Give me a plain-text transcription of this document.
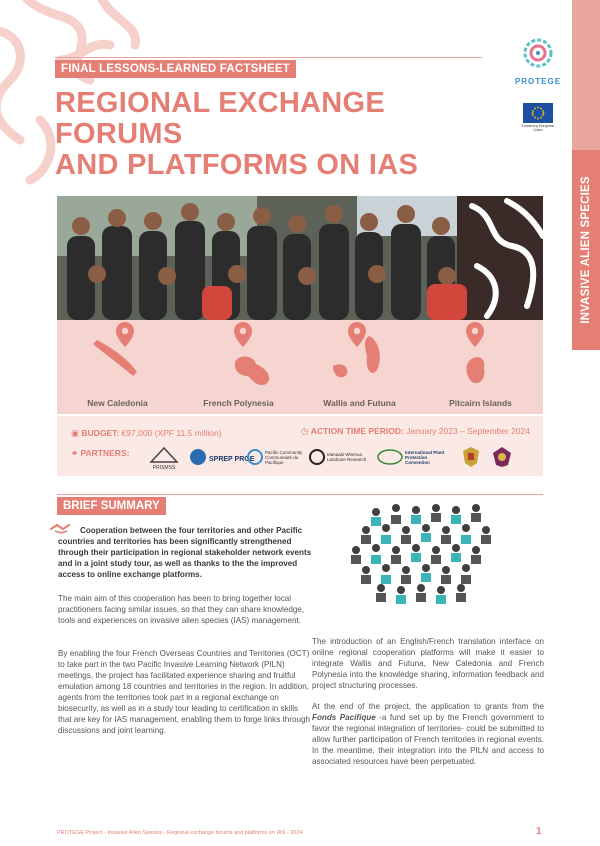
INVASIVE ALIEN SPECIES
PROTEGE
Funded by European Union
FINAL LESSONS-LEARNED FACTSHEET
REGIONAL EXCHANGE FORUMS
AND PLATFORMS ON IAS
New Caledonia	French Polynesia	Wallis and Futuna	Pitcairn Islands
▣ BUDGET: €97,000 (XPF 11.5 million)	◷ ACTION TIME PERIOD: January 2023 – September 2024
⚭ PARTNERS:
PRISMSS
SPREP PROE
Pacific Community Communauté du Pacifique
Manaaki Whenua Landcare Research
International Plant Protection Convention
BRIEF SUMMARY
Cooperation between the four territories and other Pacific countries and territories has been significantly strengthened through their participation in regional stakeholder network events and in a joint study tour, as well as thanks to the the improved access to online exchange platforms.
The main aim of this cooperation has been to bring together local practitioners facing similar issues, so that they can share knowledge, tools and experiences on invasive alien species (IAS) management.
By enabling the four French Overseas Countries and Territories (OCT) to take part in the two Pacific Invasive Learning Network (PILN) meetings, the project has facilitated experience sharing and fruitful emulation among 18 countries and territories in the region. In addition, agents from the territories took part in a regional exchange on biosecurity, as well as in a study tour leading to certification in skills that are key for IAS management, enabling them to forge links through discussions and joint learning.
The introduction of an English/French translation interface on online regional cooperation platforms will make it easier to integrate Wallis and Futuna, New Caledonia and French Polynesia into the knowledge sharing, information feedback and project structuring processes.
At the end of the project, the application to grants from the Fonds Pacifique -a fund set up by the French government to favor the regional integration of territories- could be submitted to allow further participation of French territories in regional events. In the meantime, their integration into the PILN and access to associated resources have been perpetuated.
PROTEGE Project - Invasive Alien Species - Regional exchange forums and platforms on IAS - 2024	1
